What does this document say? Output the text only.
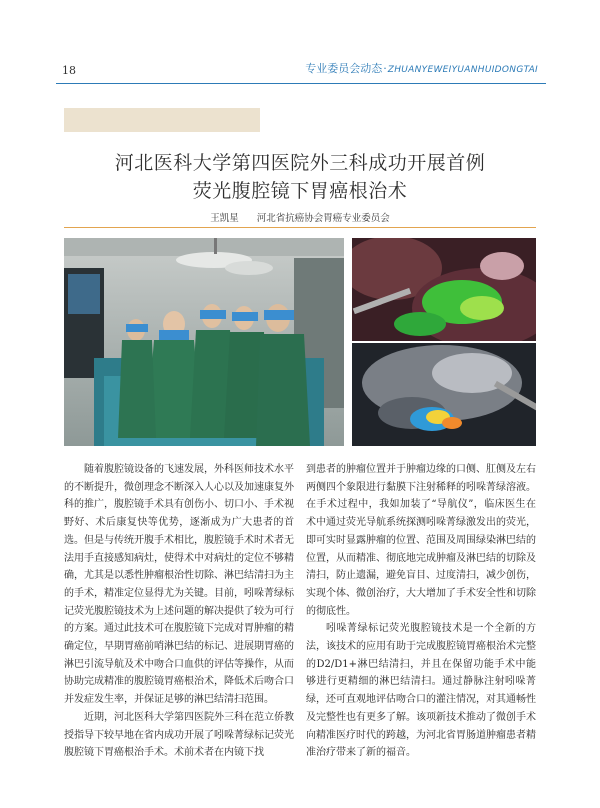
18	专业委员会动态·ZHUANYEWEIYUANHUIDONGTAI
河北医科大学第四医院外三科成功开展首例
荧光腹腔镜下胃癌根治术
王凯星 河北省抗癌协会胃癌专业委员会

随着腹腔镜设备的飞速发展，外科医师技术水平的不断提升，微创理念不断深入人心以及加速康复外科的推广，腹腔镜手术具有创伤小、切口小、手术视野好、术后康复快等优势，逐渐成为广大患者的首选。但是与传统开腹手术相比，腹腔镜手术时术者无法用手直接感知病灶，使得术中对病灶的定位不够精确，尤其是以悉性肿瘤根治性切除、淋巴结清扫为主的手术，精准定位显得尤为关键。目前，吲哚菁绿标记荧光腹腔镜技术为上述问题的解决提供了较为可行的方案。通过此技术可在腹腔镜下完成对胃肿瘤的精确定位，早期胃癌前哨淋巴结的标记、进展期胃癌的淋巴引流导航及术中吻合口血供的评估等操作，从而协助完成精准的腹腔镜胃癌根治术，降低术后吻合口并发症发生率，并保证足够的淋巴结清扫范围。

近期，河北医科大学第四医院外三科在范立侨教授指导下较早地在省内成功开展了吲哚菁绿标记荧光腹腔镜下胃癌根治手术。术前术者在内镜下找

到患者的肿瘤位置并于肿瘤边缘的口侧、肛侧及左右两侧四个象限进行黏膜下注射稀释的吲哚菁绿溶液。在手术过程中，我如加装了“导航仪”，临床医生在术中通过荧光导航系统探测吲哚菁绿激发出的荧光，即可实时显露肿瘤的位置、范围及周围绿染淋巴结的位置，从而精准、彻底地完成肿瘤及淋巴结的切除及清扫，防止遗漏，避免盲目、过度清扫，减少创伤，实现个体、微创治疗，大大增加了手术安全性和切除的彻底性。

吲哚菁绿标记荧光腹腔镜技术是一个全新的方法，该技术的应用有助于完成腹腔镜胃癌根治术完整的D2/D1+淋巴结清扫，并且在保留功能手术中能够进行更精细的淋巴结清扫。通过静脉注射吲哚菁绿，还可直观地评估吻合口的灌注情况，对其通畅性及完整性也有更多了解。该项新技术推动了微创手术向精准医疗时代的跨越，为河北省胃肠道肿瘤患者精准治疗带来了新的福音。
